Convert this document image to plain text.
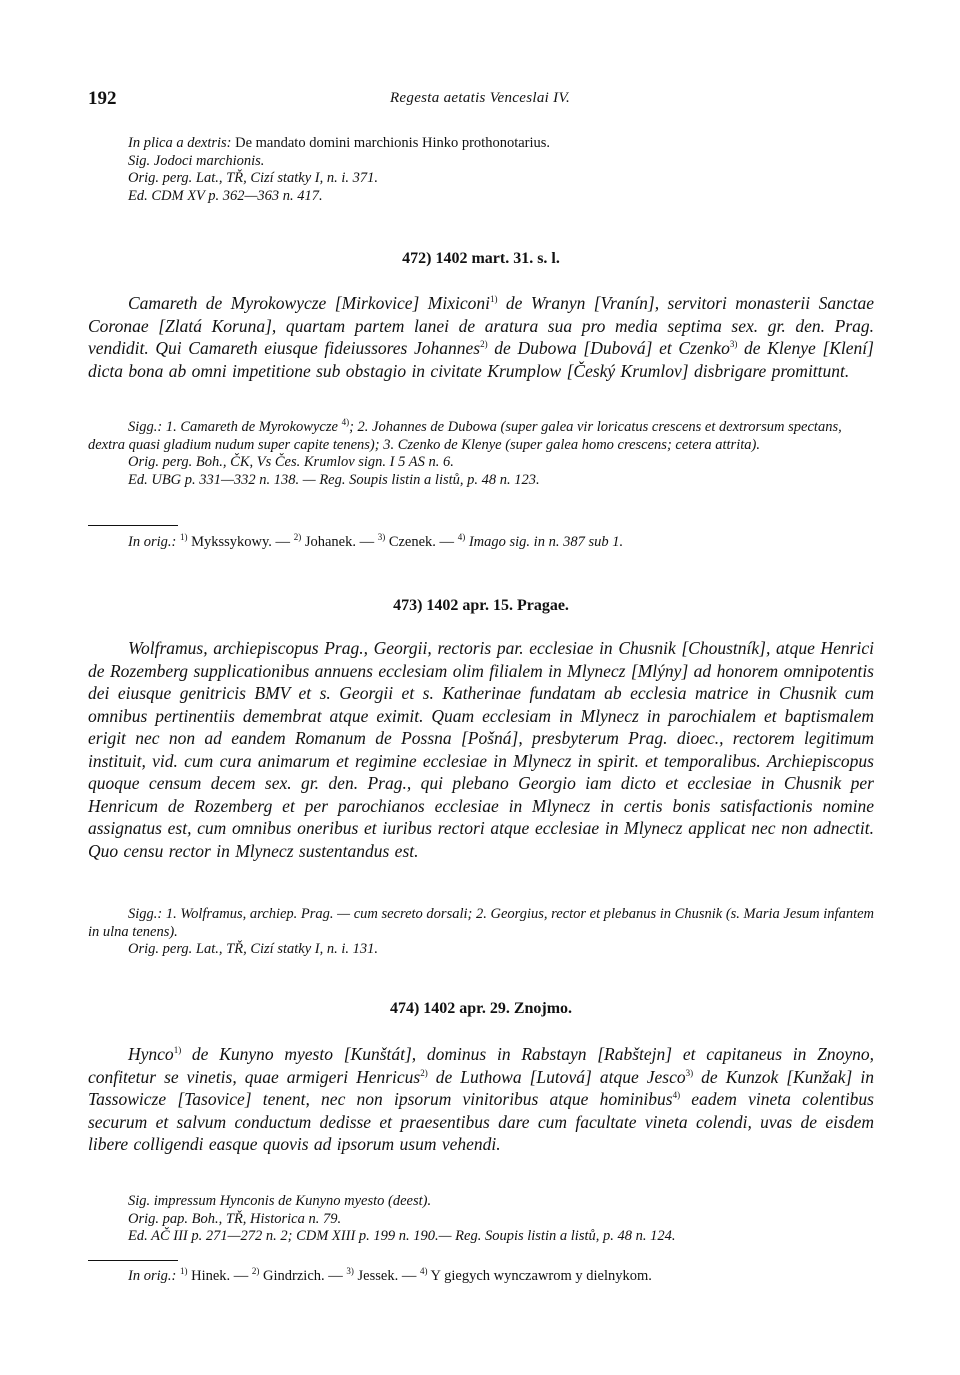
192	Regesta aetatis Venceslai IV.

In plica a dextris: De mandato domini marchionis Hinko prothonotarius.

Sig. Jodoci marchionis.

Orig. perg. Lat., TŘ, Cizí statky I, n. i. 371.

Ed. CDM XV p. 362—363 n. 417.

472) 1402 mart. 31. s. l.

Camareth de Myrokowycze [Mirkovice] Mixiconi$^{1)}$ de Wranyn [Vranín], servitori monasterii Sanctae Coronae [Zlatá Koruna], quartam partem lanei de aratura sua pro media septima sex. gr. den. Prag. vendidit. Qui Camareth eiusque fideiussores Johannes$^{2)}$ de Dubowa [Dubová] et Czenko$^{3)}$ de Klenye [Klení] dicta bona ab omni impetitione sub obstagio in civitate Krumplow [Český Krumlov] disbrigare promittunt.

Sigg.: 1. Camareth de Myrokowycze $^{4)}$; 2. Johannes de Dubowa (super galea vir loricatus crescens et dextrorsum spectans, dextra quasi gladium nudum super capite tenens); 3. Czenko de Klenye (super galea homo crescens; cetera attrita).

Orig. perg. Boh., ČK, Vs Čes. Krumlov sign. I 5 AS n. 6.

Ed. UBG p. 331—332 n. 138. — Reg. Soupis listin a listů, p. 48 n. 123.

In orig.: $^{1)}$ Mykssykowy. — $^{2)}$ Johanek. — $^{3)}$ Czenek. — $^{4)}$ Imago sig. in n. 387 sub 1.
473) 1402 apr. 15. Pragae.

Wolframus, archiepiscopus Prag., Georgii, rectoris par. ecclesiae in Chusnik [Choustník], atque Henrici de Rozemberg supplicationibus annuens ecclesiam olim filialem in Mlynecz [Mlýny] ad honorem omnipotentis dei eiusque genitricis BMV et s. Georgii et s. Katherinae fundatam ab ecclesia matrice in Chusnik cum omnibus pertinentiis demembrat atque eximit. Quam ecclesiam in Mlynecz in parochialem et baptismalem erigit nec non ad eandem Romanum de Possna [Pošná], presbyterum Prag. dioec., rectorem legitimum instituit, vid. cum cura animarum et regimine ecclesiae in Mlynecz in spirit. et temporalibus. Archiepiscopus quoque censum decem sex. gr. den. Prag., qui plebano Georgio iam dicto et ecclesiae in Chusnik per Henricum de Rozemberg et per parochianos ecclesiae in Mlynecz in certis bonis satisfactionis nomine assignatus est, cum omnibus oneribus et iuribus rectori atque ecclesiae in Mlynecz applicat nec non adnectit. Quo censu rector in Mlynecz sustentandus est.

Sigg.: 1. Wolframus, archiep. Prag. — cum secreto dorsali; 2. Georgius, rector et plebanus in Chusnik (s. Maria Jesum infantem in ulna tenens).

Orig. perg. Lat., TŘ, Cizí statky I, n. i. 131.

474) 1402 apr. 29. Znojmo.

Hynco$^{1)}$ de Kunyno myesto [Kunštát], dominus in Rabstayn [Rabštejn] et capitaneus in Znoyno, confitetur se vinetis, quae armigeri Henricus$^{2)}$ de Luthowa [Lutová] atque Jesco$^{3)}$ de Kunzok [Kunžak] in Tassowicze [Tasovice] tenent, nec non ipsorum vinitoribus atque hominibus$^{4)}$ eadem vineta colentibus securum et salvum conductum dedisse et praesentibus dare cum facultate vineta colendi, uvas de eisdem libere colligendi easque quovis ad ipsorum usum vehendi.

Sig. impressum Hynconis de Kunyno myesto (deest).

Orig. pap. Boh., TŘ, Historica n. 79.

Ed. AČ III p. 271—272 n. 2; CDM XIII p. 199 n. 190.— Reg. Soupis listin a listů, p. 48 n. 124.

In orig.: $^{1)}$ Hinek. — $^{2)}$ Gindrzich. — $^{3)}$ Jessek. — $^{4)}$ Y giegych wynczawrom y dielnykom.
